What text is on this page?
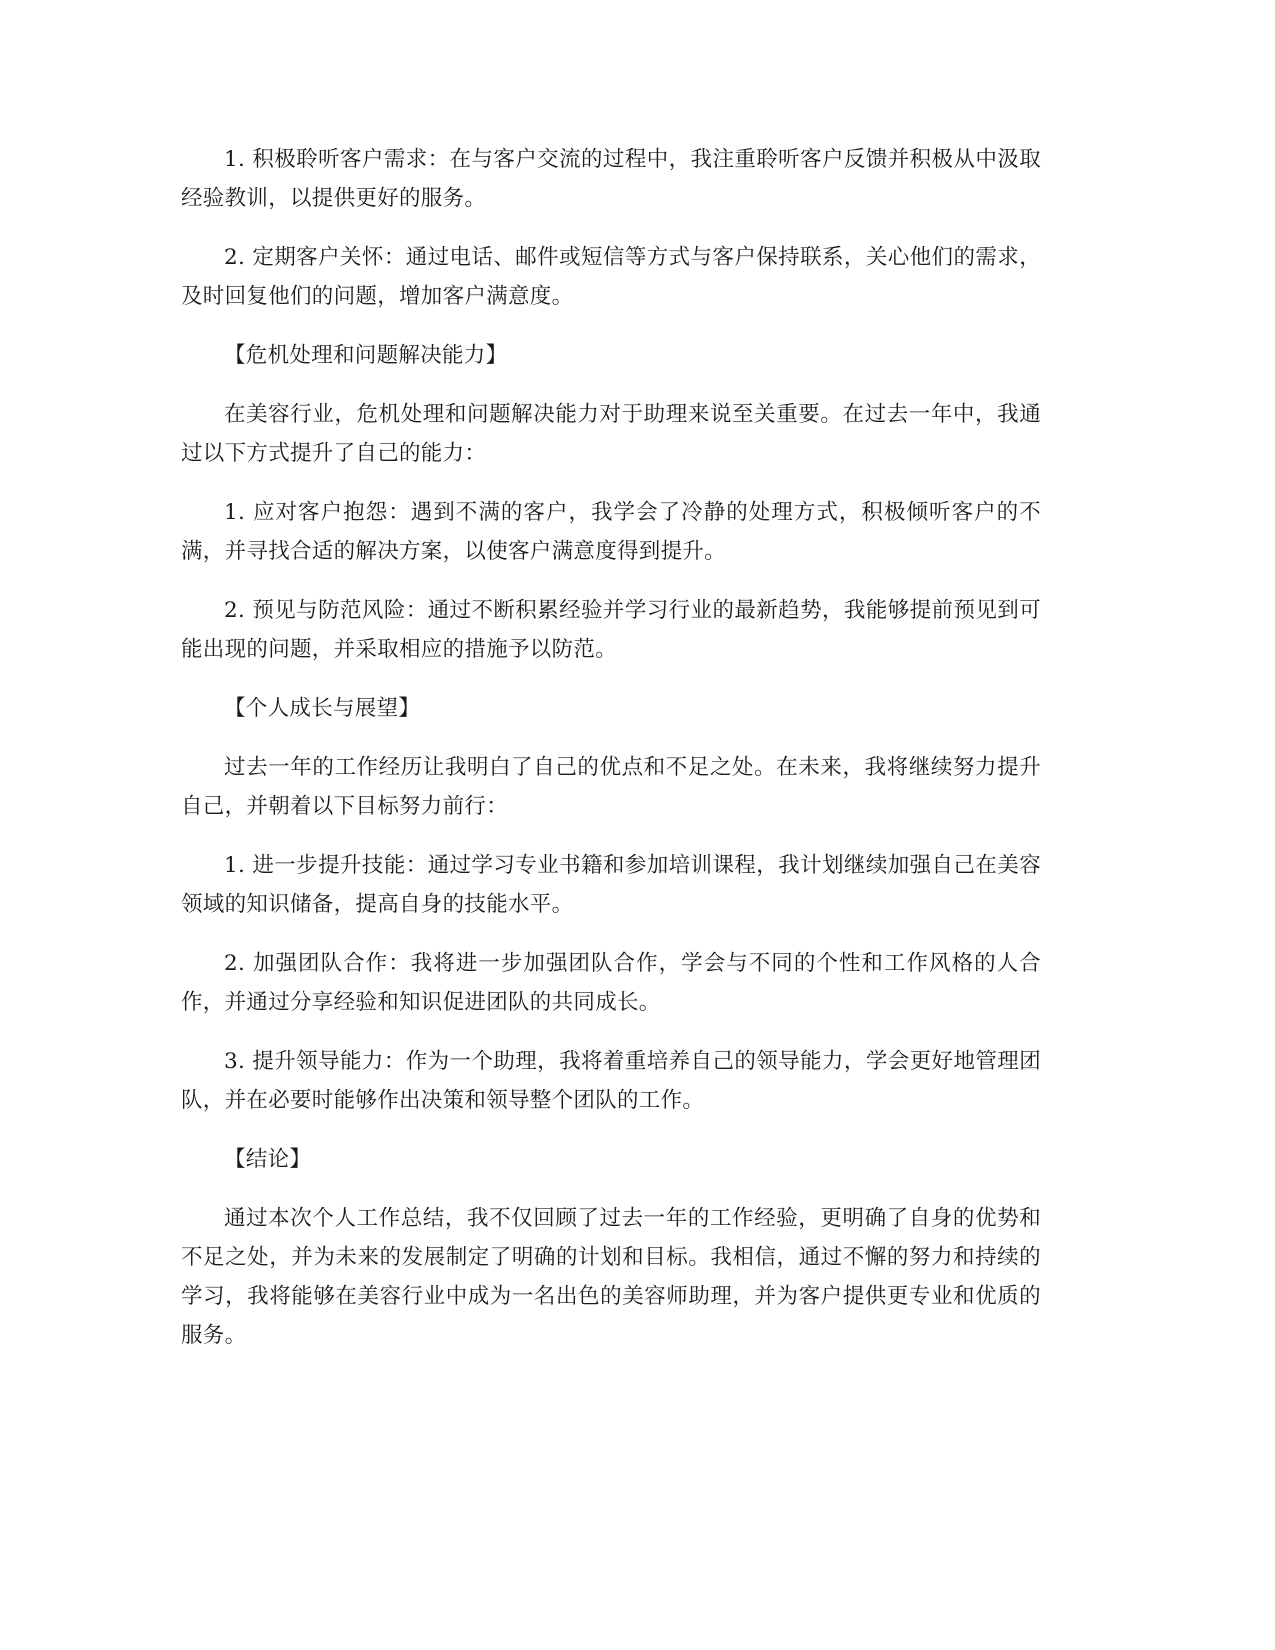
1. 积极聆听客户需求：在与客户交流的过程中，我注重聆听客户反馈并积极从中汲取经验教训，以提供更好的服务。

2. 定期客户关怀：通过电话、邮件或短信等方式与客户保持联系，关心他们的需求，及时回复他们的问题，增加客户满意度。

【危机处理和问题解决能力】

在美容行业，危机处理和问题解决能力对于助理来说至关重要。在过去一年中，我通过以下方式提升了自己的能力：

1. 应对客户抱怨：遇到不满的客户，我学会了冷静的处理方式，积极倾听客户的不满，并寻找合适的解决方案，以使客户满意度得到提升。

2. 预见与防范风险：通过不断积累经验并学习行业的最新趋势，我能够提前预见到可能出现的问题，并采取相应的措施予以防范。

【个人成长与展望】

过去一年的工作经历让我明白了自己的优点和不足之处。在未来，我将继续努力提升自己，并朝着以下目标努力前行：

1. 进一步提升技能：通过学习专业书籍和参加培训课程，我计划继续加强自己在美容领域的知识储备，提高自身的技能水平。

2. 加强团队合作：我将进一步加强团队合作，学会与不同的个性和工作风格的人合作，并通过分享经验和知识促进团队的共同成长。

3. 提升领导能力：作为一个助理，我将着重培养自己的领导能力，学会更好地管理团队，并在必要时能够作出决策和领导整个团队的工作。

【结论】

通过本次个人工作总结，我不仅回顾了过去一年的工作经验，更明确了自身的优势和不足之处，并为未来的发展制定了明确的计划和目标。我相信，通过不懈的努力和持续的学习，我将能够在美容行业中成为一名出色的美容师助理，并为客户提供更专业和优质的服务。
